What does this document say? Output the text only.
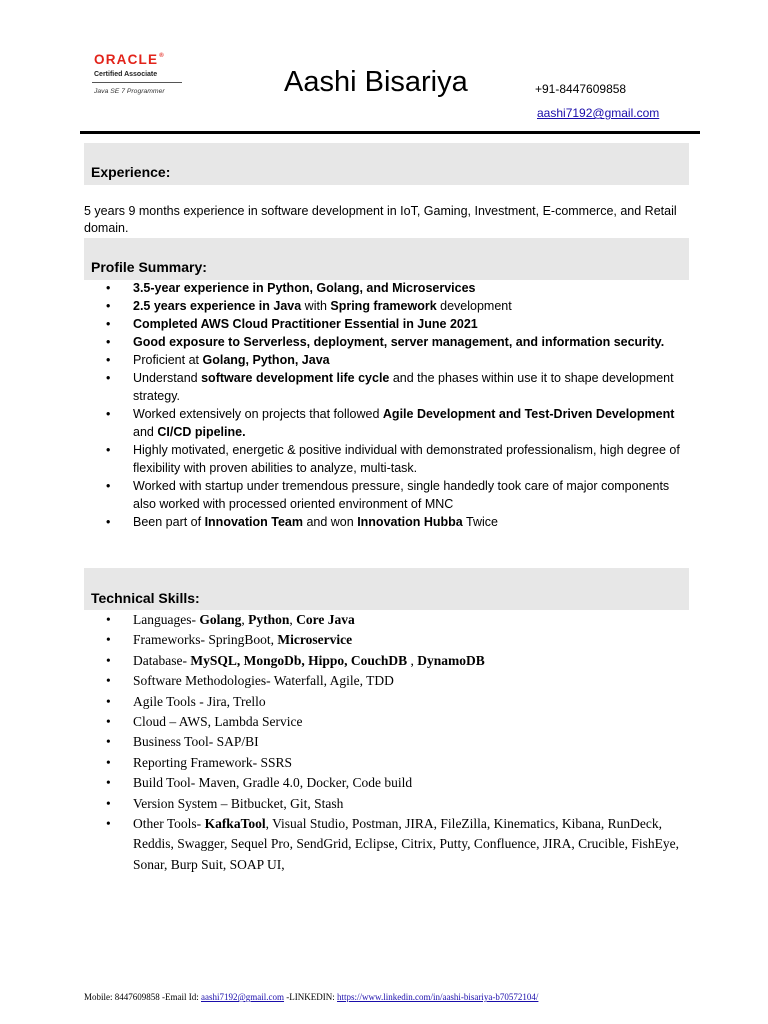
ORACLE®
Certified Associate
Java SE 7 Programmer	Aashi Bisariya	+91-8447609858
aashi7192@gmail.com
Experience:
5 years 9 months experience in software development in IoT, Gaming, Investment, E-commerce, and Retail domain.
Profile Summary:
• 3.5-year experience in Python, Golang, and Microservices
• 2.5 years experience in Java with Spring framework development
• Completed AWS Cloud Practitioner Essential in June 2021
• Good exposure to Serverless, deployment, server management, and information security.
• Proficient at Golang, Python, Java
• Understand software development life cycle and the phases within use it to shape development strategy.
• Worked extensively on projects that followed Agile Development and Test-Driven Development and CI/CD pipeline.
• Highly motivated, energetic & positive individual with demonstrated professionalism, high degree of flexibility with proven abilities to analyze, multi-task.
• Worked with startup under tremendous pressure, single handedly took care of major components also worked with processed oriented environment of MNC
• Been part of Innovation Team and won Innovation Hubba Twice
Technical Skills:
• Languages- Golang, Python, Core Java
• Frameworks- SpringBoot, Microservice
• Database- MySQL, MongoDb, Hippo, CouchDB , DynamoDB
• Software Methodologies- Waterfall, Agile, TDD
• Agile Tools - Jira, Trello
• Cloud – AWS, Lambda Service
• Business Tool- SAP/BI
• Reporting Framework- SSRS
• Build Tool- Maven, Gradle 4.0, Docker, Code build
• Version System – Bitbucket, Git, Stash
• Other Tools- KafkaTool, Visual Studio, Postman, JIRA, FileZilla, Kinematics, Kibana, RunDeck, Reddis, Swagger, Sequel Pro, SendGrid, Eclipse, Citrix, Putty, Confluence, JIRA, Crucible, FishEye, Sonar, Burp Suit, SOAP UI,
Mobile: 8447609858 -Email Id: aashi7192@gmail.com -LINKEDIN: https://www.linkedin.com/in/aashi-bisariya-b70572104/
